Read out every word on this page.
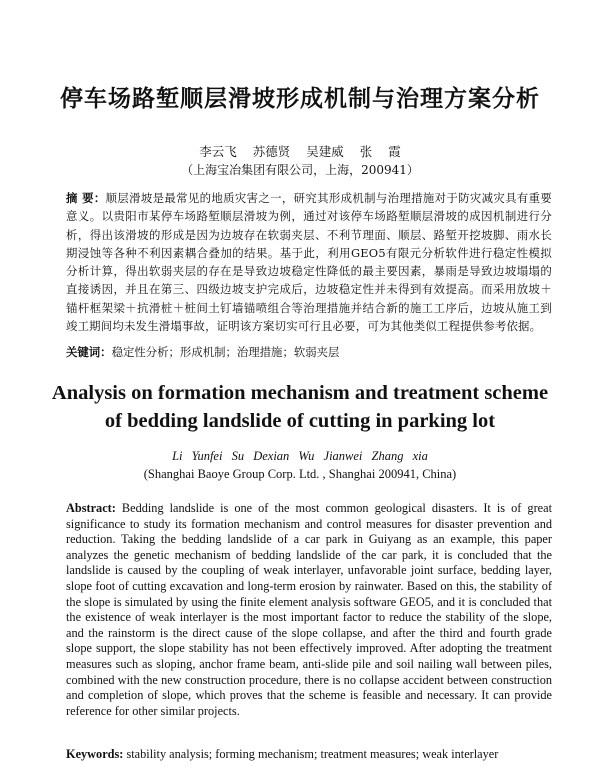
停车场路堑顺层滑坡形成机制与治理方案分析
李云飞 苏德贤 吴建威 张 霞
（上海宝冶集团有限公司，上海，200941）
摘 要：顺层滑坡是最常见的地质灾害之一，研究其形成机制与治理措施对于防灾减灾具有重要意义。以贵阳市某停车场路堑顺层滑坡为例，通过对该停车场路堑顺层滑坡的成因机制进行分析，得出该滑坡的形成是因为边坡存在软弱夹层、不利节理面、顺层、路堑开挖坡脚、雨水长期浸蚀等各种不利因素耦合叠加的结果。基于此，利用GEO5有限元分析软件进行稳定性模拟分析计算，得出软弱夹层的存在是导致边坡稳定性降低的最主要因素，暴雨是导致边坡塌塌的直接诱因，并且在第三、四级边坡支护完成后，边坡稳定性并未得到有效提高。而采用放坡＋锚杆框架梁＋抗滑桩＋桩间土钉墙锚喷组合等治理措施并结合新的施工工序后，边坡从施工到竣工期间均未发生滑塌事故，证明该方案切实可行且必要，可为其他类似工程提供参考依据。
关键词：稳定性分析；形成机制；治理措施；软弱夹层
Analysis on formation mechanism and treatment scheme
of bedding landslide of cutting in parking lot
Li Yunfei Su Dexian Wu Jianwei Zhang xia
(Shanghai Baoye Group Corp. Ltd. , Shanghai 200941, China)
Abstract: Bedding landslide is one of the most common geological disasters. It is of great significance to study its formation mechanism and control measures for disaster prevention and reduction. Taking the bedding landslide of a car park in Guiyang as an example, this paper analyzes the genetic mechanism of bedding landslide of the car park, it is concluded that the landslide is caused by the coupling of weak interlayer, unfavorable joint surface, bedding layer, slope foot of cutting excavation and long-term erosion by rainwater. Based on this, the stability of the slope is simulated by using the finite element analysis software GEO5, and it is concluded that the existence of weak interlayer is the most important factor to reduce the stability of the slope, and the rainstorm is the direct cause of the slope collapse, and after the third and fourth grade slope support, the slope stability has not been effectively improved. After adopting the treatment measures such as sloping, anchor frame beam, anti-slide pile and soil nailing wall between piles, combined with the new construction procedure, there is no collapse accident between construction and completion of slope, which proves that the scheme is feasible and necessary. It can provide reference for other similar projects.
Keywords: stability analysis; forming mechanism; treatment measures; weak interlayer
